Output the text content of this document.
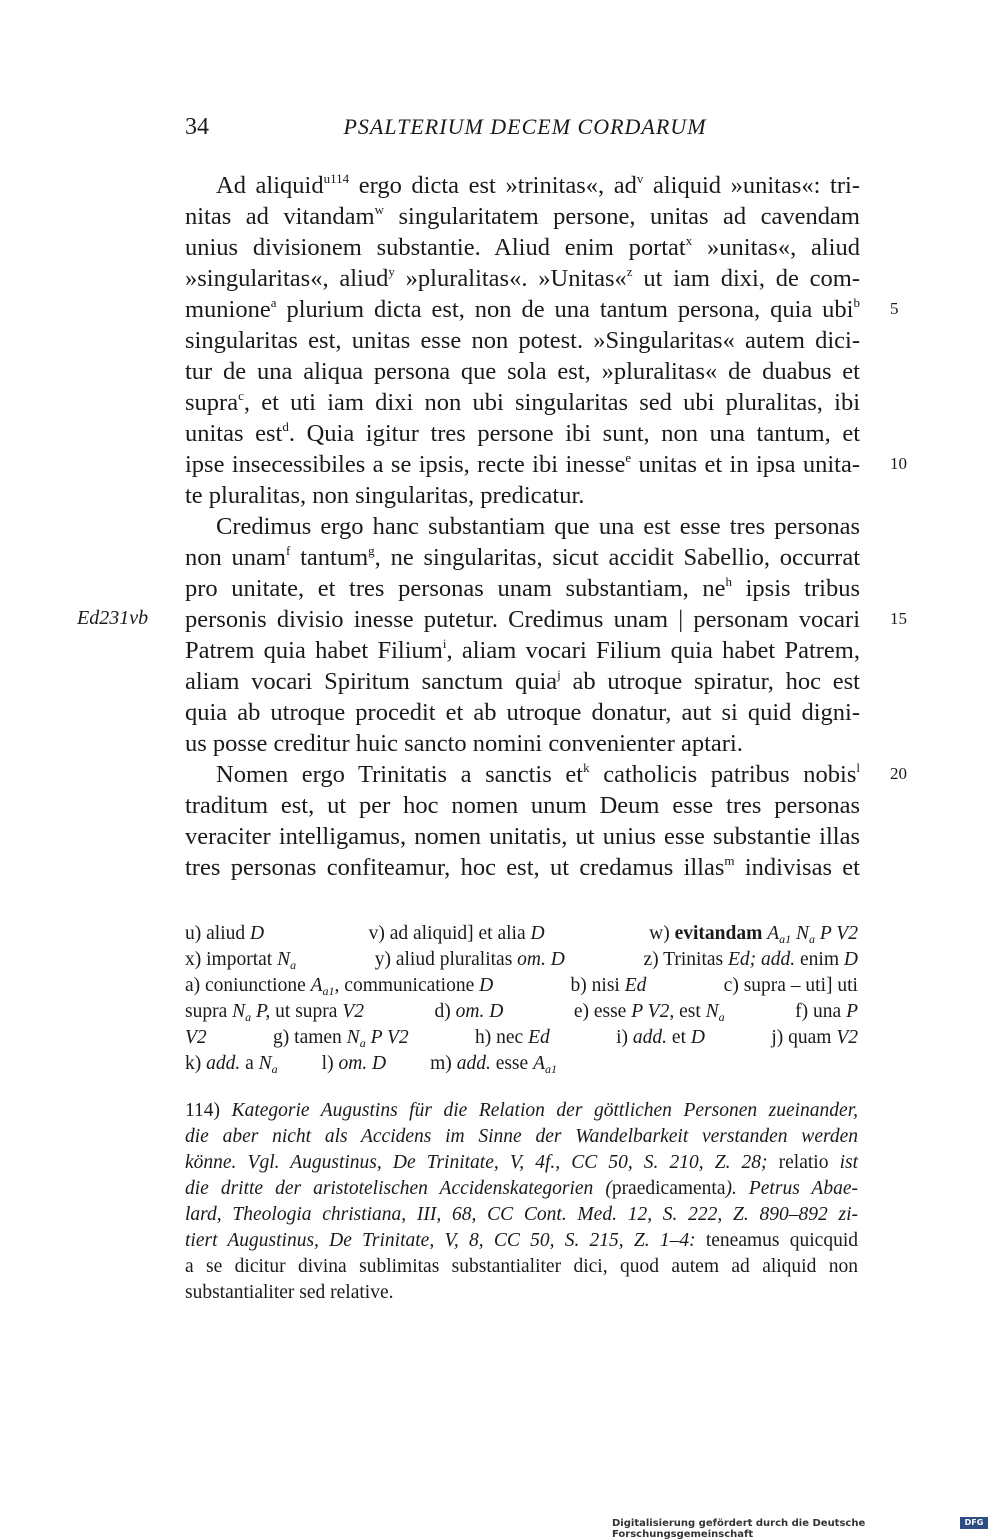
34	PSALTERIUM DECEM CORDARUM
Ad aliquid$^{u114}$ ergo dicta est »trinitas«, $ad^v$ aliquid »unitas«: tri-
nitas ad vitandam$^w$ singularitatem persone, unitas ad cavendam
unius divisionem substantie. Aliud enim portat$^x$ »unitas«, aliud
»singularitas«, aliud$^y$ »pluralitas«. »Unitas«$^z$ ut iam dixi, de com-
munione$^a$ plurium dicta est, non de una tantum persona, quia ubi$^b$
singularitas est, unitas esse non potest. »Singularitas« autem dici-
tur de una aliqua persona que sola est, »pluralitas« de duabus et
supra$^c$, et uti iam dixi non ubi singularitas sed ubi pluralitas, ibi
unitas est$^d$. Quia igitur tres persone ibi sunt, non una tantum, et
ipse insecessibiles a se ipsis, recte ibi inesse$^e$ unitas et in ipsa unita-
te pluralitas, non singularitas, predicatur.
Credimus ergo hanc substantiam que una est esse tres personas
non unam$^f$ tantum$^g$, ne singularitas, sicut accidit Sabellio, occurrat
pro unitate, et tres personas unam substantiam, $ne^h$ ipsis tribus
personis divisio inesse putetur. Credimus unam | personam vocari
Patrem quia habet Filium$^i$, aliam vocari Filium quia habet Patrem,
aliam vocari Spiritum sanctum quia$^j$ ab utroque spiratur, hoc est
quia ab utroque procedit et ab utroque donatur, aut si quid digni-
us posse creditur huic sancto nomini convenienter aptari.
Nomen ergo Trinitatis a sanctis $et^k$ catholicis patribus nobis$^l$
traditum est, ut per hoc nomen unum Deum esse tres personas
veraciter intelligamus, nomen unitatis, ut unius esse substantie illas
tres personas confiteamur, hoc est, ut credamus illas$^m$ indivisas et
5
10
15
20
Ed231vb
u) aliud D	v) ad aliquid] et alia D	w) evitandam $A_{a1}$ $N_a$ P V2
x) importat $N_a$	y) aliud pluralitas om. D	z) Trinitas Ed; add. enim D
a) coniunctione $A_{a1}$, communicatione D	b) nisi Ed	c) supra – uti] uti
supra $N_a$ P, ut supra V2	d) om. D	e) esse P V2, est $N_a$	f) una P
V2	g) tamen $N_a$ P V2	h) nec Ed	i) add. et D	j) quam V2
k) add. a $N_a$ l) om. D m) add. esse $A_{a1}$
114) Kategorie Augustins für die Relation der göttlichen Personen zueinander,
die aber nicht als Accidens im Sinne der Wandelbarkeit verstanden werden
könne. Vgl. Augustinus, De Trinitate, V, 4f., CC 50, S. 210, Z. 28; relatio ist
die dritte der aristotelischen Accidenskategorien (praedicamenta). Petrus Abae-
lard, Theologia christiana, III, 68, CC Cont. Med. 12, S. 222, Z. 890–892 zi-
tiert Augustinus, De Trinitate, V, 8, CC 50, S. 215, Z. 1–4: teneamus quicquid
a se dicitur divina sublimitas substantialiter dici, quod autem ad aliquid non
substantialiter sed relative.
Digitalisierung gefördert durch die Deutsche Forschungsgemeinschaft
DFG
